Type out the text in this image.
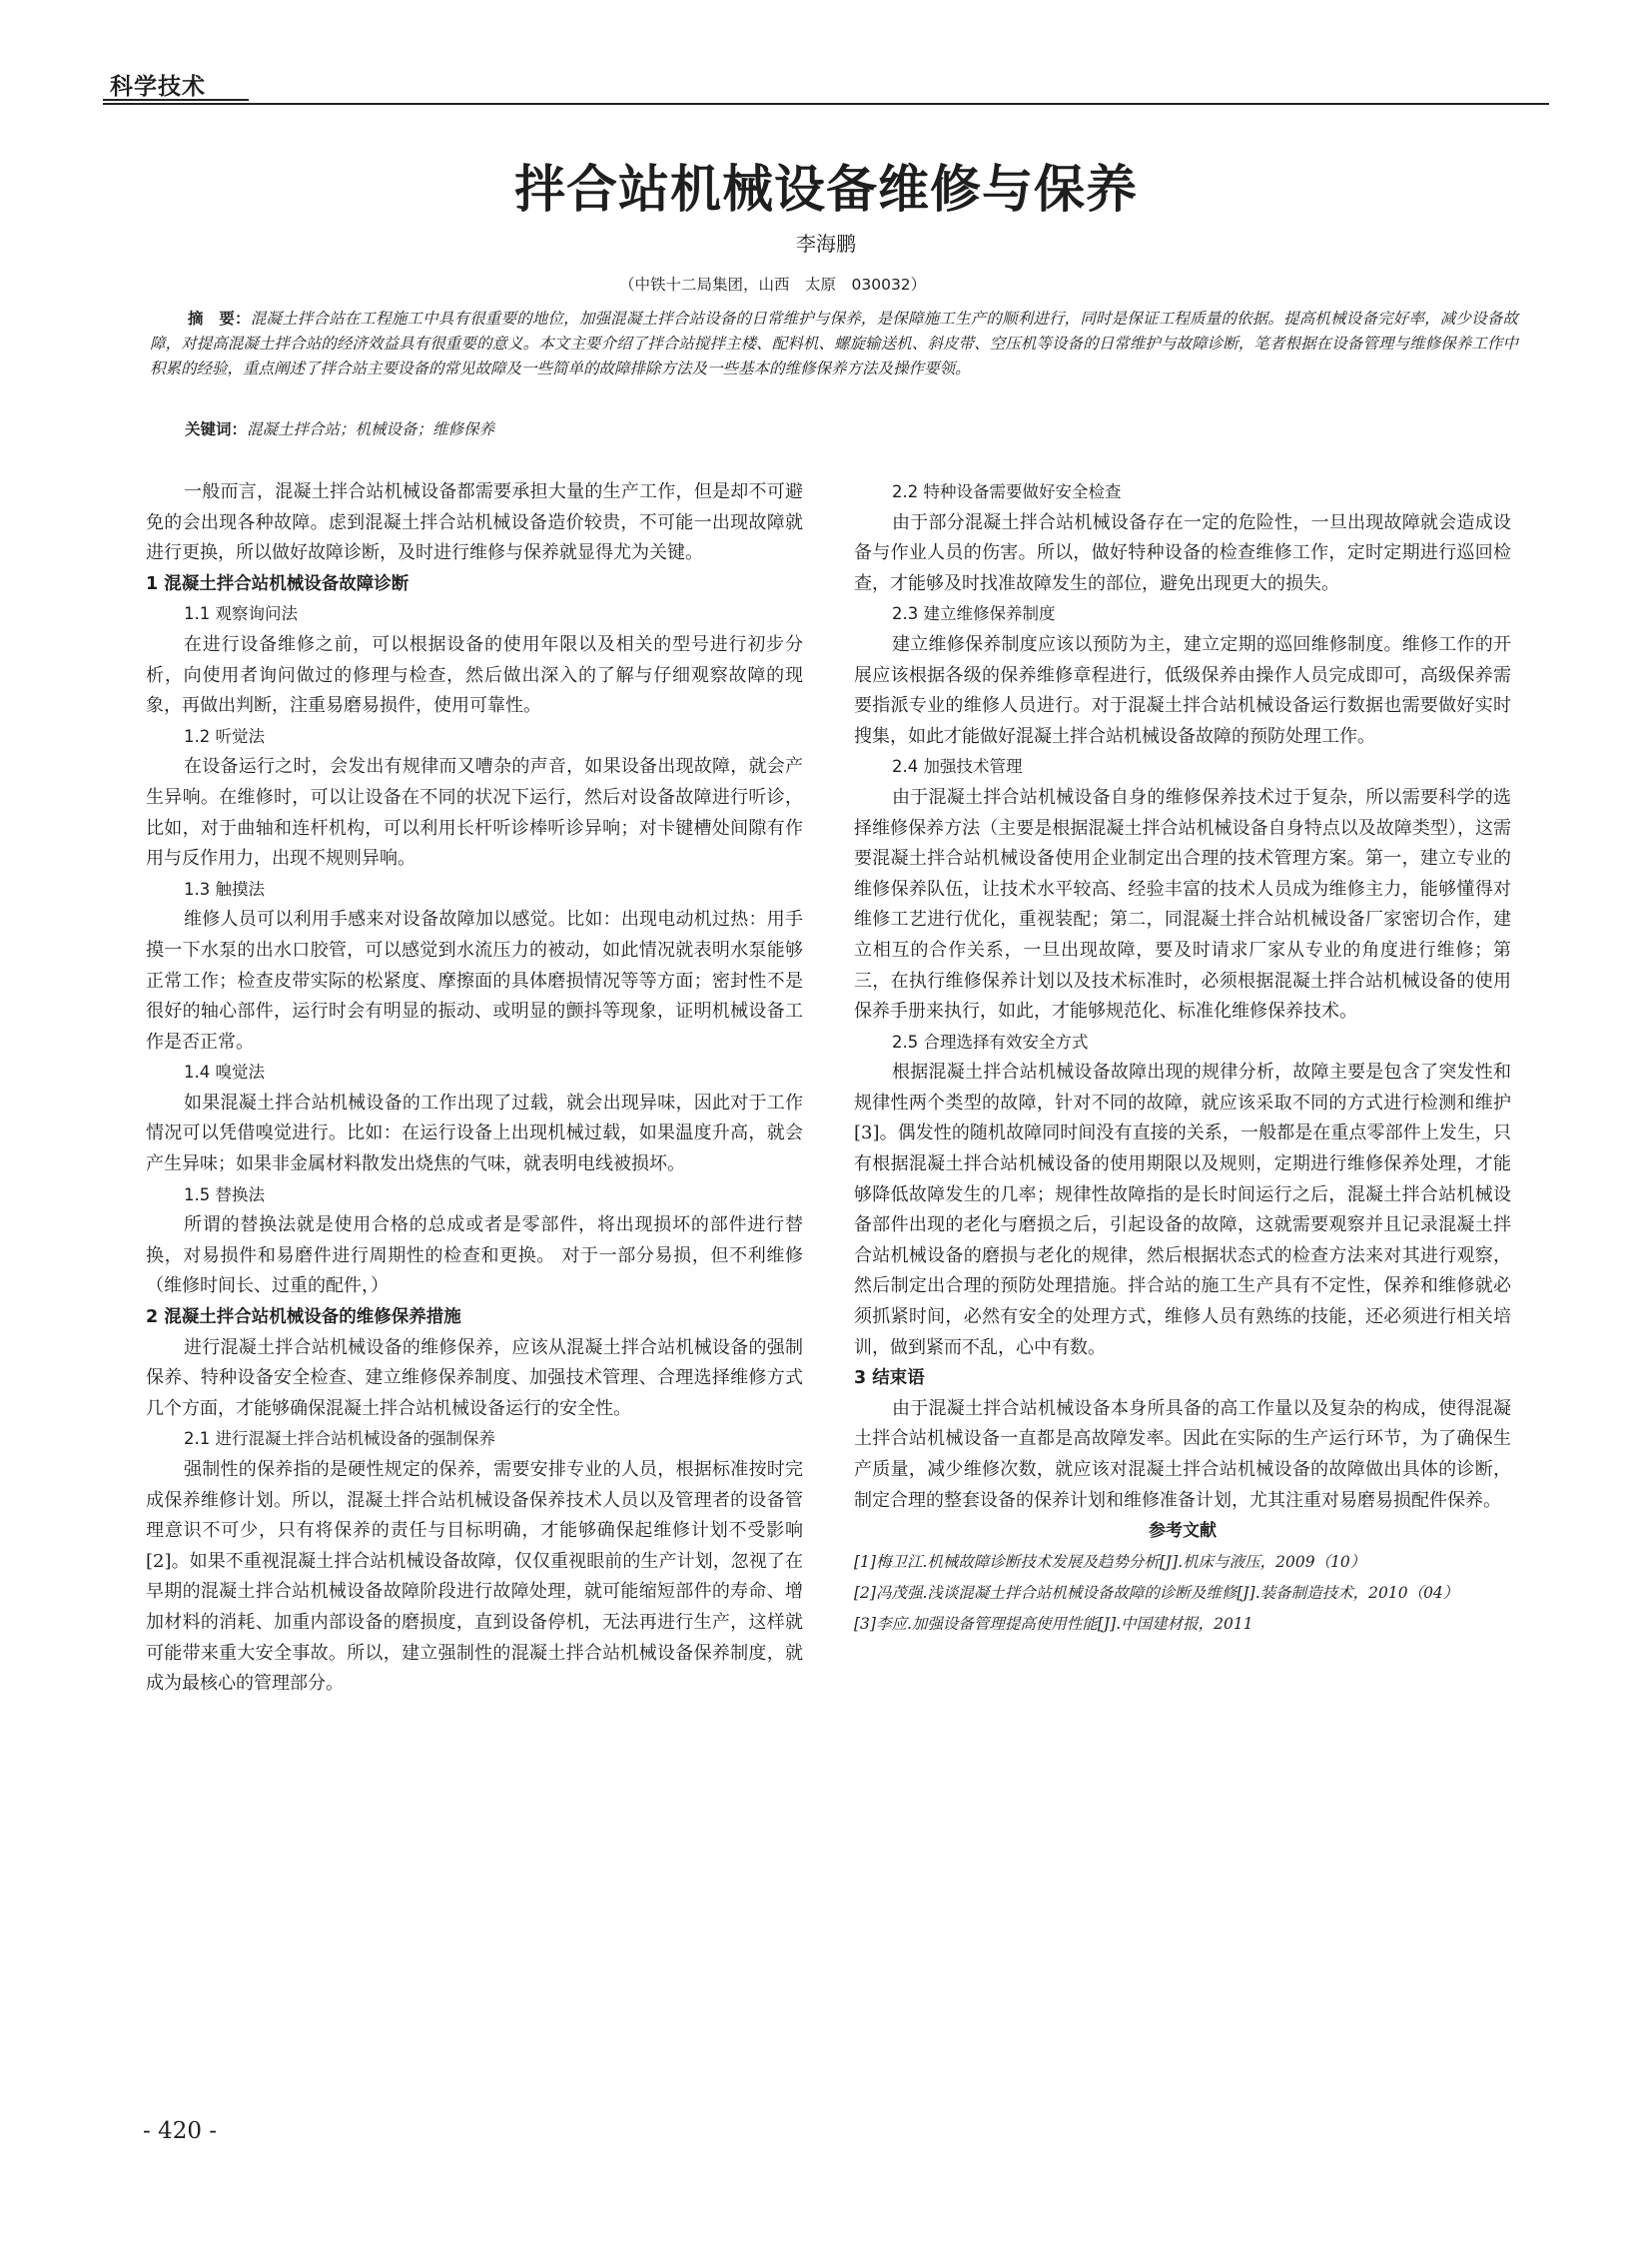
科学技术
拌合站机械设备维修与保养
李海鹏
（中铁十二局集团，山西　太原　030032）
摘　要：混凝土拌合站在工程施工中具有很重要的地位，加强混凝土拌合站设备的日常维护与保养，是保障施工生产的顺利进行，同时是保证工程质量的依据。提高机械设备完好率，减少设备故障，对提高混凝土拌合站的经济效益具有很重要的意义。本文主要介绍了拌合站搅拌主楼、配料机、螺旋输送机、斜皮带、空压机等设备的日常维护与故障诊断，笔者根据在设备管理与维修保养工作中积累的经验，重点阐述了拌合站主要设备的常见故障及一些简单的故障排除方法及一些基本的维修保养方法及操作要领。
关键词：混凝土拌合站；机械设备；维修保养

一般而言，混凝土拌合站机械设备都需要承担大量的生产工作，但是却不可避免的会出现各种故障。虑到混凝土拌合站机械设备造价较贵，不可能一出现故障就进行更换，所以做好故障诊断，及时进行维修与保养就显得尤为关键。

1 混凝土拌合站机械设备故障诊断

1.1 观察询问法

在进行设备维修之前，可以根据设备的使用年限以及相关的型号进行初步分析，向使用者询问做过的修理与检查，然后做出深入的了解与仔细观察故障的现象，再做出判断，注重易磨易损件，使用可靠性。

1.2 听觉法

在设备运行之时，会发出有规律而又嘈杂的声音，如果设备出现故障，就会产生异响。在维修时，可以让设备在不同的状况下运行，然后对设备故障进行听诊，比如，对于曲轴和连杆机构，可以利用长杆听诊棒听诊异响；对卡键槽处间隙有作用与反作用力，出现不规则异响。

1.3 触摸法

维修人员可以利用手感来对设备故障加以感觉。比如：出现电动机过热：用手摸一下水泵的出水口胶管，可以感觉到水流压力的被动，如此情况就表明水泵能够正常工作；检查皮带实际的松紧度、摩擦面的具体磨损情况等等方面；密封性不是很好的轴心部件，运行时会有明显的振动、或明显的颤抖等现象，证明机械设备工作是否正常。

1.4 嗅觉法

如果混凝土拌合站机械设备的工作出现了过载，就会出现异味，因此对于工作情况可以凭借嗅觉进行。比如：在运行设备上出现机械过载，如果温度升高，就会产生异味；如果非金属材料散发出烧焦的气味，就表明电线被损坏。

1.5 替换法

所谓的替换法就是使用合格的总成或者是零部件，将出现损坏的部件进行替换，对易损件和易磨件进行周期性的检查和更换。 对于一部分易损，但不利维修（维修时间长、过重的配件，）

2 混凝土拌合站机械设备的维修保养措施

进行混凝土拌合站机械设备的维修保养，应该从混凝土拌合站机械设备的强制保养、特种设备安全检查、建立维修保养制度、加强技术管理、合理选择维修方式几个方面，才能够确保混凝土拌合站机械设备运行的安全性。

2.1 进行混凝土拌合站机械设备的强制保养

强制性的保养指的是硬性规定的保养，需要安排专业的人员，根据标准按时完成保养维修计划。所以，混凝土拌合站机械设备保养技术人员以及管理者的设备管理意识不可少，只有将保养的责任与目标明确，才能够确保起维修计划不受影响[2]。如果不重视混凝土拌合站机械设备故障，仅仅重视眼前的生产计划，忽视了在早期的混凝土拌合站机械设备故障阶段进行故障处理，就可能缩短部件的寿命、增加材料的消耗、加重内部设备的磨损度，直到设备停机，无法再进行生产，这样就可能带来重大安全事故。所以，建立强制性的混凝土拌合站机械设备保养制度，就成为最核心的管理部分。

2.2 特种设备需要做好安全检查

由于部分混凝土拌合站机械设备存在一定的危险性，一旦出现故障就会造成设备与作业人员的伤害。所以，做好特种设备的检查维修工作，定时定期进行巡回检查，才能够及时找准故障发生的部位，避免出现更大的损失。

2.3 建立维修保养制度

建立维修保养制度应该以预防为主，建立定期的巡回维修制度。维修工作的开展应该根据各级的保养维修章程进行，低级保养由操作人员完成即可，高级保养需要指派专业的维修人员进行。对于混凝土拌合站机械设备运行数据也需要做好实时搜集，如此才能做好混凝土拌合站机械设备故障的预防处理工作。

2.4 加强技术管理

由于混凝土拌合站机械设备自身的维修保养技术过于复杂，所以需要科学的选择维修保养方法（主要是根据混凝土拌合站机械设备自身特点以及故障类型），这需要混凝土拌合站机械设备使用企业制定出合理的技术管理方案。第一，建立专业的维修保养队伍，让技术水平较高、经验丰富的技术人员成为维修主力，能够懂得对维修工艺进行优化，重视装配；第二，同混凝土拌合站机械设备厂家密切合作，建立相互的合作关系，一旦出现故障，要及时请求厂家从专业的角度进行维修；第三，在执行维修保养计划以及技术标准时，必须根据混凝土拌合站机械设备的使用保养手册来执行，如此，才能够规范化、标准化维修保养技术。

2.5 合理选择有效安全方式

根据混凝土拌合站机械设备故障出现的规律分析，故障主要是包含了突发性和规律性两个类型的故障，针对不同的故障，就应该采取不同的方式进行检测和维护[3]。偶发性的随机故障同时间没有直接的关系，一般都是在重点零部件上发生，只有根据混凝土拌合站机械设备的使用期限以及规则，定期进行维修保养处理，才能够降低故障发生的几率；规律性故障指的是长时间运行之后，混凝土拌合站机械设备部件出现的老化与磨损之后，引起设备的故障，这就需要观察并且记录混凝土拌合站机械设备的磨损与老化的规律，然后根据状态式的检查方法来对其进行观察，然后制定出合理的预防处理措施。拌合站的施工生产具有不定性，保养和维修就必须抓紧时间，必然有安全的处理方式，维修人员有熟练的技能，还必须进行相关培训，做到紧而不乱，心中有数。

3 结束语

由于混凝土拌合站机械设备本身所具备的高工作量以及复杂的构成，使得混凝土拌合站机械设备一直都是高故障发率。因此在实际的生产运行环节，为了确保生产质量，减少维修次数，就应该对混凝土拌合站机械设备的故障做出具体的诊断，制定合理的整套设备的保养计划和维修准备计划，尤其注重对易磨易损配件保养。

参考文献

[1]梅卫江.机械故障诊断技术发展及趋势分析[J].机床与液压，2009（10）

[2]冯茂强.浅谈混凝土拌合站机械设备故障的诊断及维修[J].装备制造技术，2010（04）

[3]李应.加强设备管理提高使用性能[J].中国建材报，2011

- 420 -
